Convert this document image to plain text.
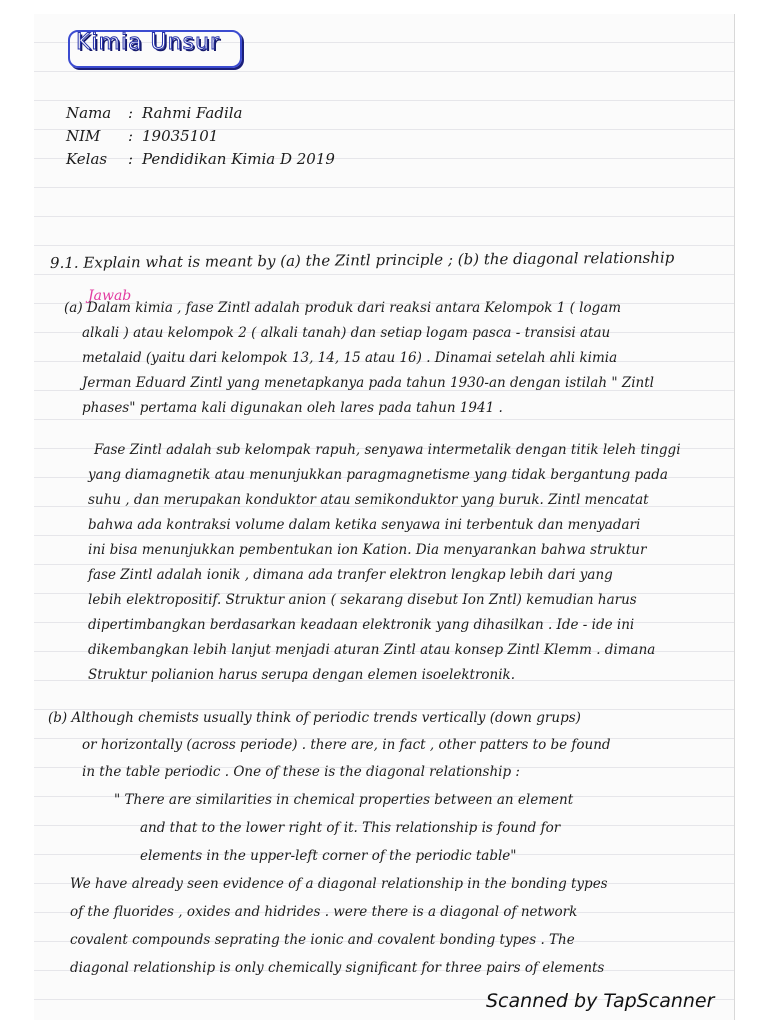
Kimia Unsur
Nama : Rahmi Fadila
NIM : 19035101
Kelas : Pendidikan Kimia D 2019
9.1. Explain what is meant by (a) the Zintl principle ; (b) the diagonal relationship
Jawab
(a) Dalam kimia , fase Zintl adalah produk dari reaksi antara Kelompok 1 ( logam
alkali ) atau kelompok 2 ( alkali tanah) dan setiap logam pasca - transisi atau
metalaid (yaitu dari kelompok 13, 14, 15 atau 16) . Dinamai setelah ahli kimia
Jerman Eduard Zintl yang menetapkanya pada tahun 1930-an dengan istilah " Zintl
phases" pertama kali digunakan oleh lares pada tahun 1941 .
Fase Zintl adalah sub kelompak rapuh, senyawa intermetalik dengan titik leleh tinggi
yang diamagnetik atau menunjukkan paragmagnetisme yang tidak bergantung pada
suhu , dan merupakan konduktor atau semikonduktor yang buruk. Zintl mencatat
bahwa ada kontraksi volume dalam ketika senyawa ini terbentuk dan menyadari
ini bisa menunjukkan pembentukan ion Kation. Dia menyarankan bahwa struktur
fase Zintl adalah ionik , dimana ada tranfer elektron lengkap lebih dari yang
lebih elektropositif. Struktur anion ( sekarang disebut Ion Zntl) kemudian harus
dipertimbangkan berdasarkan keadaan elektronik yang dihasilkan . Ide - ide ini
dikembangkan lebih lanjut menjadi aturan Zintl atau konsep Zintl Klemm . dimana
Struktur polianion harus serupa dengan elemen isoelektronik.
(b) Although chemists usually think of periodic trends vertically (down grups)
or horizontally (across periode) . there are, in fact , other patters to be found
in the table periodic . One of these is the diagonal relationship :
" There are similarities in chemical properties between an element
and that to the lower right of it. This relationship is found for
elements in the upper-left corner of the periodic table"
We have already seen evidence of a diagonal relationship in the bonding types
of the fluorides , oxides and hidrides . were there is a diagonal of network
covalent compounds seprating the ionic and covalent bonding types . The
diagonal relationship is only chemically significant for three pairs of elements
Scanned by TapScanner
